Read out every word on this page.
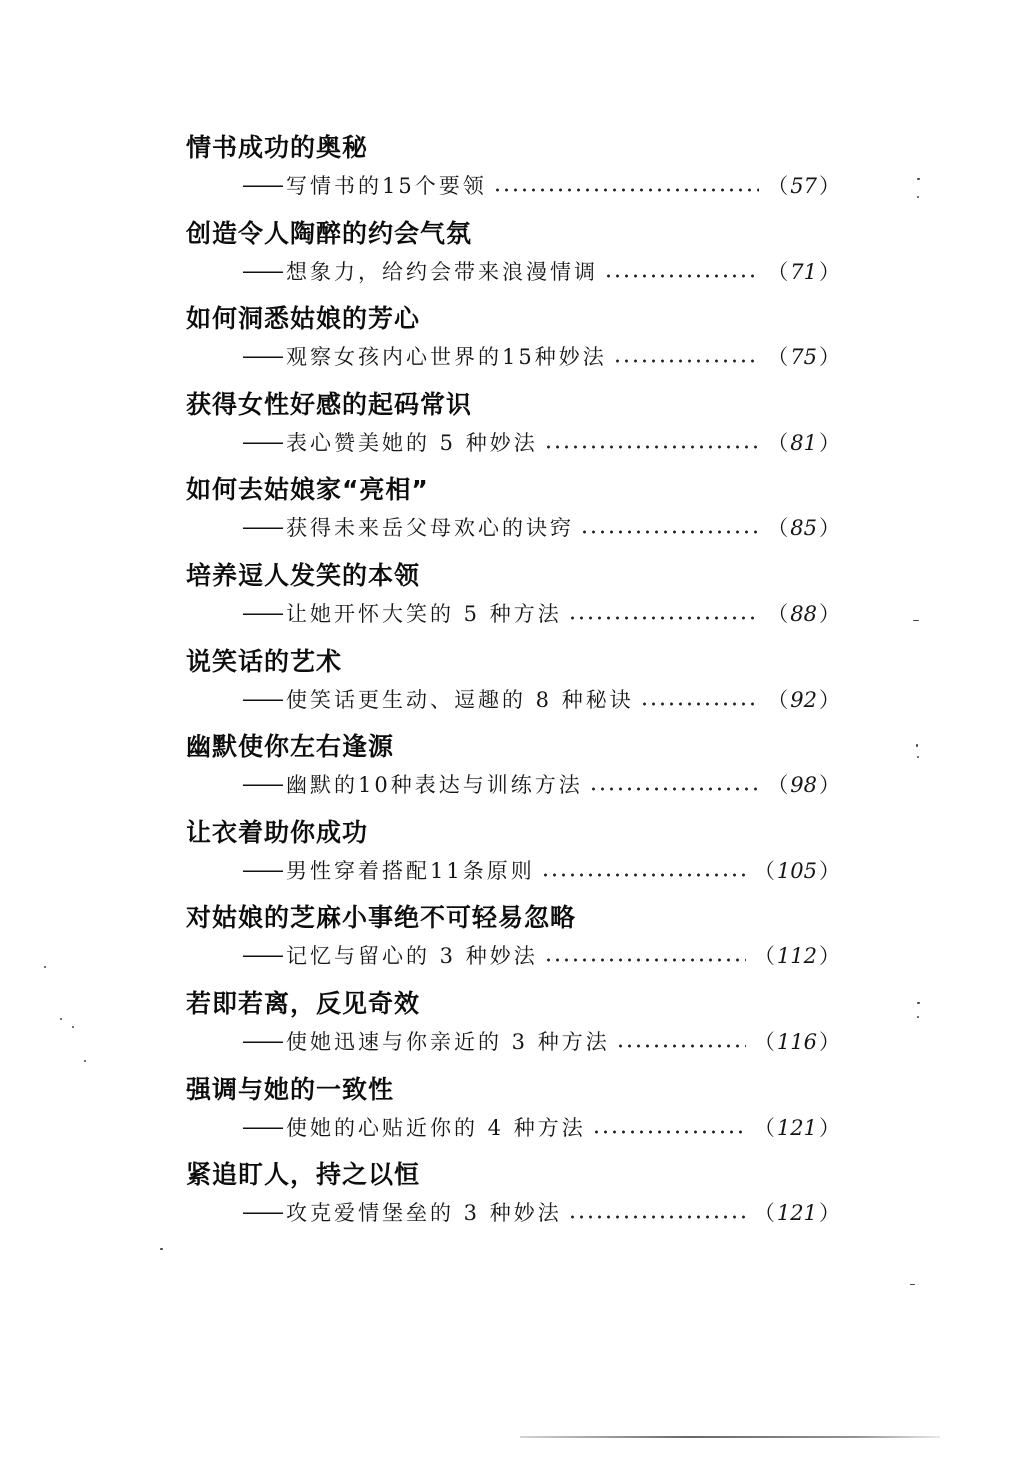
情书成功的奥秘
—— 写情书的15个要领	（57）
创造令人陶醉的约会气氛
—— 想象力，给约会带来浪漫情调	（71）
如何洞悉姑娘的芳心
—— 观察女孩内心世界的15种妙法	（75）
获得女性好感的起码常识
—— 表心赞美她的 5 种妙法	（81）
如何去姑娘家“亮相”
—— 获得未来岳父母欢心的诀窍	（85）
培养逗人发笑的本领
—— 让她开怀大笑的 5 种方法	（88）
说笑话的艺术
—— 使笑话更生动、逗趣的 8 种秘诀	（92）
幽默使你左右逢源
—— 幽默的10种表达与训练方法	（98）
让衣着助你成功
—— 男性穿着搭配11条原则	（105）
对姑娘的芝麻小事绝不可轻易忽略
—— 记忆与留心的 3 种妙法	（112）
若即若离，反见奇效
—— 使她迅速与你亲近的 3 种方法	（116）
强调与她的一致性
—— 使她的心贴近你的 4 种方法	（121）
紧追盯人，持之以恒
—— 攻克爱情堡垒的 3 种妙法	（121）
